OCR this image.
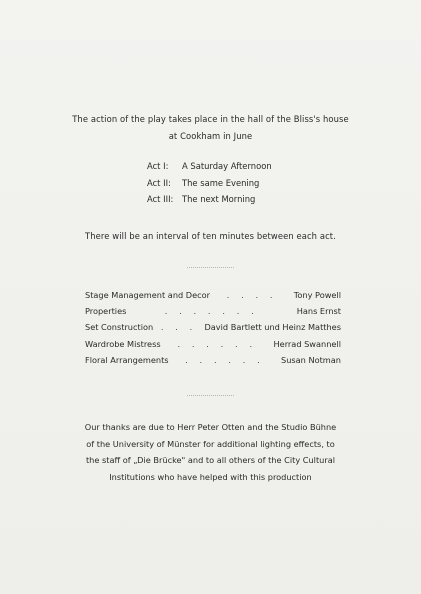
The action of the play takes place in the hall of the Bliss's house
at Cookham in June
Act I:	A Saturday Afternoon
Act II:	The same Evening
Act III:	The next Morning
There will be an interval of ten minutes between each act.
Stage Management and Decor	. . . .	Tony Powell
Properties	. . . . . . .	Hans Ernst
Set Construction . . . David Bartlett und Heinz Matthes
Wardrobe Mistress	. . . . . .	Herrad Swannell
Floral Arrangements	. . . . . .	Susan Notman
Our thanks are due to Herr Peter Otten and the Studio Bühne
of the University of Münster for additional lighting effects, to
the staff of „Die Brücke" and to all others of the City Cultural
Institutions who have helped with this production
